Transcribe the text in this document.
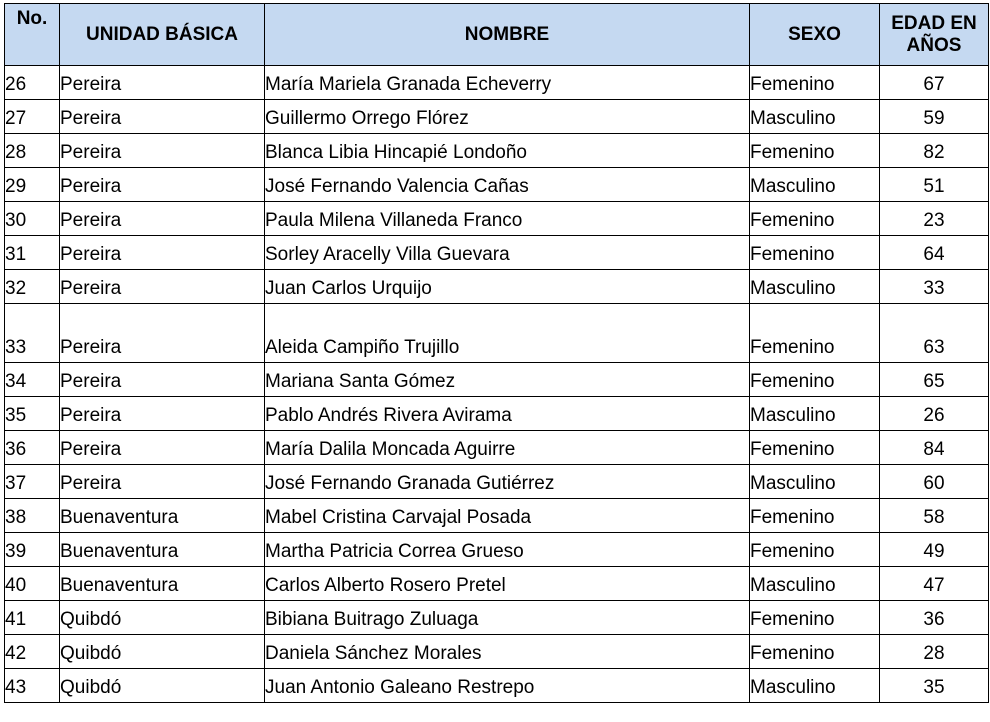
No.	UNIDAD BÁSICA	NOMBRE	SEXO	EDAD EN AÑOS
26	Pereira	María Mariela Granada Echeverry	Femenino	67
27	Pereira	Guillermo Orrego Flórez	Masculino	59
28	Pereira	Blanca Libia Hincapié Londoño	Femenino	82
29	Pereira	José Fernando Valencia Cañas	Masculino	51
30	Pereira	Paula Milena Villaneda Franco	Femenino	23
31	Pereira	Sorley Aracelly Villa Guevara	Femenino	64
32	Pereira	Juan Carlos Urquijo	Masculino	33
33	Pereira	Aleida Campiño Trujillo	Femenino	63
34	Pereira	Mariana Santa Gómez	Femenino	65
35	Pereira	Pablo Andrés Rivera Avirama	Masculino	26
36	Pereira	María Dalila Moncada Aguirre	Femenino	84
37	Pereira	José Fernando Granada Gutiérrez	Masculino	60
38	Buenaventura	Mabel Cristina Carvajal Posada	Femenino	58
39	Buenaventura	Martha Patricia Correa Grueso	Femenino	49
40	Buenaventura	Carlos Alberto Rosero Pretel	Masculino	47
41	Quibdó	Bibiana Buitrago Zuluaga	Femenino	36
42	Quibdó	Daniela Sánchez Morales	Femenino	28
43	Quibdó	Juan Antonio Galeano Restrepo	Masculino	35
